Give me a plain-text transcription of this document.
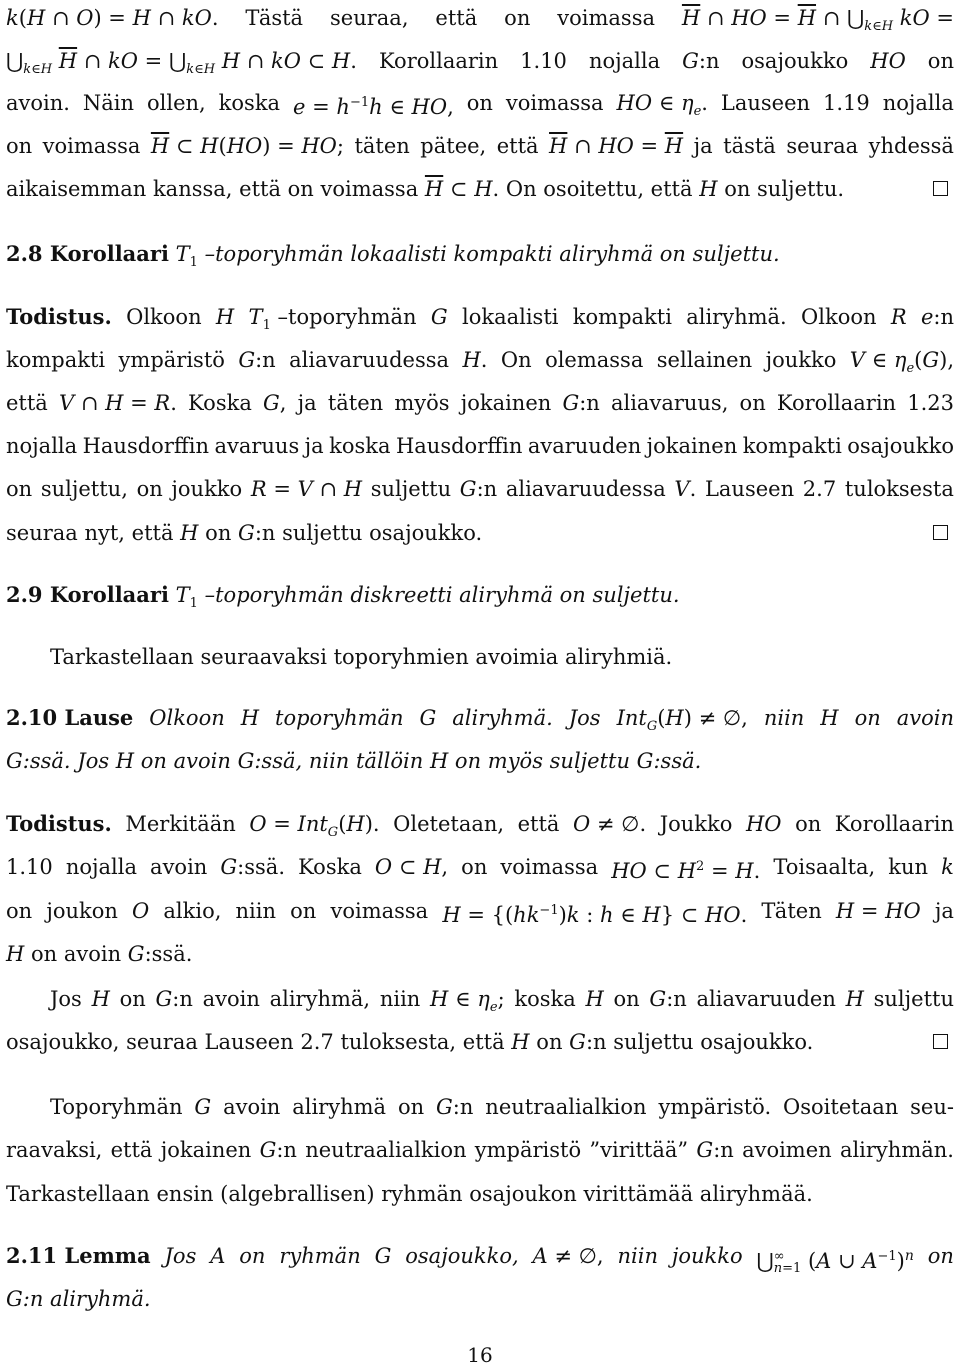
k(H ∩ O) = H ∩ kO. Tästä seuraa, että on voimassa $\overline{H}$ ∩ HO = $\overline{H}$ ∩ $⋃_{k\in H}$ kO =
$⋃_{k\in H}$ $\overline{H}$ ∩ kO = $⋃_{k\in H}$ H ∩ kO ⊂ H. Korollaarin 1.10 nojalla G:n osajoukko HO on
avoin. Näin ollen, koska $e = h^{-1}h$ ∈ HO, on voimassa HO ∈ $\eta_e$. Lauseen 1.19 nojalla
on voimassa $\overline{H}$ ⊂ H(HO) = HO; täten pätee, että $\overline{H}$ ∩ HO = $\overline{H}$ ja tästä seuraa yhdessä
aikaisemman kanssa, että on voimassa $\overline{H}$ ⊂ H. On osoitettu, että H on suljettu.
2.8 Korollaari $T_1$ –toporyhmän lokaalisti kompakti aliryhmä on suljettu.
Todistus. Olkoon H $T_1$ –toporyhmän G lokaalisti kompakti aliryhmä. Olkoon R e:n
kompakti ympäristö G:n aliavaruudessa H. On olemassa sellainen joukko V ∈ $\eta_e(G)$,
että V ∩ H = R. Koska G, ja täten myös jokainen G:n aliavaruus, on Korollaarin 1.23
nojalla Hausdorffin avaruus ja koska Hausdorffin avaruuden jokainen kompakti osajoukko
on suljettu, on joukko R = V ∩ H suljettu G:n aliavaruudessa V. Lauseen 2.7 tuloksesta
seuraa nyt, että H on G:n suljettu osajoukko.
2.9 Korollaari $T_1$ –toporyhmän diskreetti aliryhmä on suljettu.
Tarkastellaan seuraavaksi toporyhmien avoimia aliryhmiä.
2.10 Lause Olkoon H toporyhmän G aliryhmä. Jos Int$_G$(H) ≠ ∅, niin H on avoin
G:ssä. Jos H on avoin G:ssä, niin tällöin H on myös suljettu G:ssä.
Todistus. Merkitään O = Int$_G$(H). Oletetaan, että O ≠ ∅. Joukko HO on Korollaarin
1.10 nojalla avoin G:ssä. Koska O ⊂ H, on voimassa HO ⊂ $H^2 = H$. Toisaalta, kun k
on joukon O alkio, niin on voimassa $H = \{(hk^{-1})k$ : h ∈ H} ⊂ HO. Täten H = HO ja
H on avoin G:ssä.
Jos H on G:n avoin aliryhmä, niin H ∈ $\eta_e$; koska H on G:n aliavaruuden H suljettu
osajoukko, seuraa Lauseen 2.7 tuloksesta, että H on G:n suljettu osajoukko.
Toporyhmän G avoin aliryhmä on G:n neutraalialkion ympäristö. Osoitetaan seu-
raavaksi, että jokainen G:n neutraalialkion ympäristö ”virittää” G:n avoimen aliryhmän.
Tarkastellaan ensin (algebrallisen) ryhmän osajoukon virittämää aliryhmää.
2.11 Lemma Jos A on ryhmän G osajoukko, A ≠ ∅, niin joukko ⋃ ∞
n=1 (A ∪ $A^{-1})^n$ on
G:n aliryhmä.
16
